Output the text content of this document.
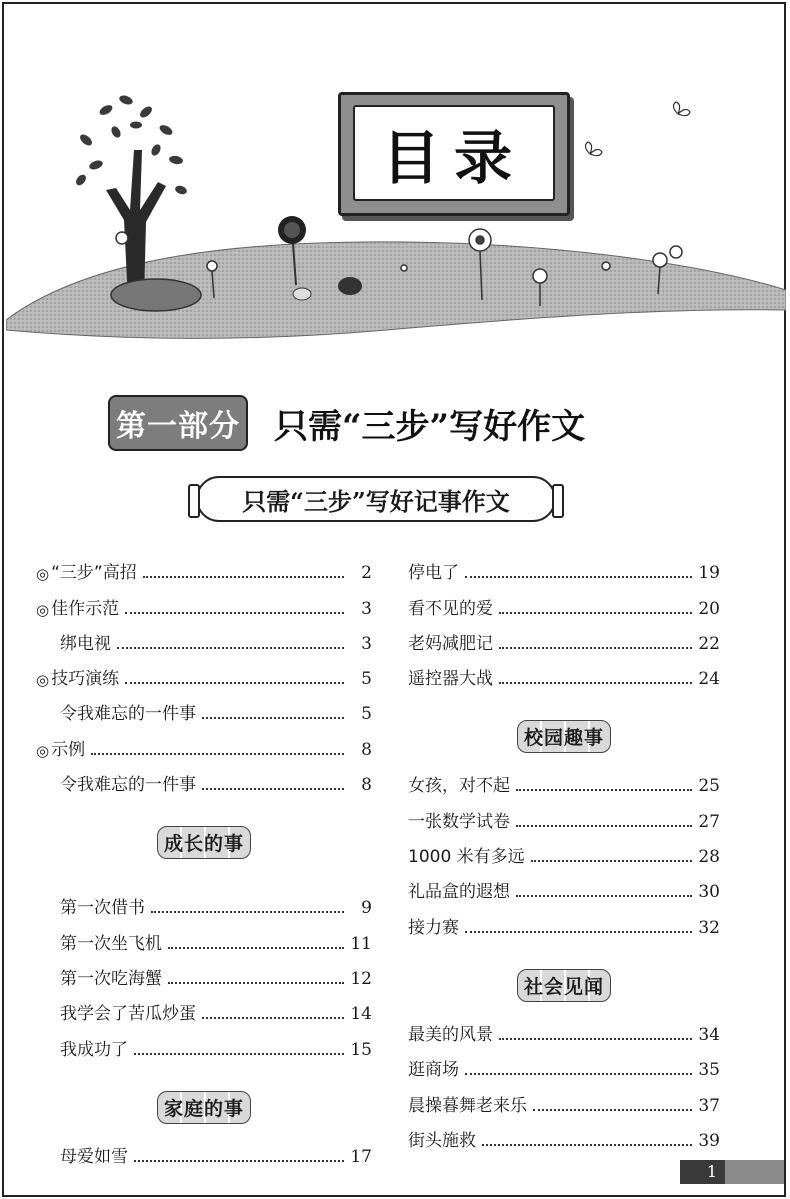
目录
第一部分 只需“三步”写好作文
只需“三步”写好记事作文
◎ “三步”高招	2
◎ 佳作示范	3
绑电视	3
◎ 技巧演练	5
令我难忘的一件事	5
◎ 示例	8
令我难忘的一件事	8
成长的事
第一次借书	9
第一次坐飞机	11
第一次吃海蟹	12
我学会了苦瓜炒蛋	14
我成功了	15
家庭的事
母爱如雪	17
停电了	19
看不见的爱	20
老妈减肥记	22
遥控器大战	24
校园趣事
女孩，对不起	25
一张数学试卷	27
1000 米有多远	28
礼品盒的遐想	30
接力赛	32
社会见闻
最美的风景	34
逛商场	35
晨操暮舞老来乐	37
街头施救	39
1
